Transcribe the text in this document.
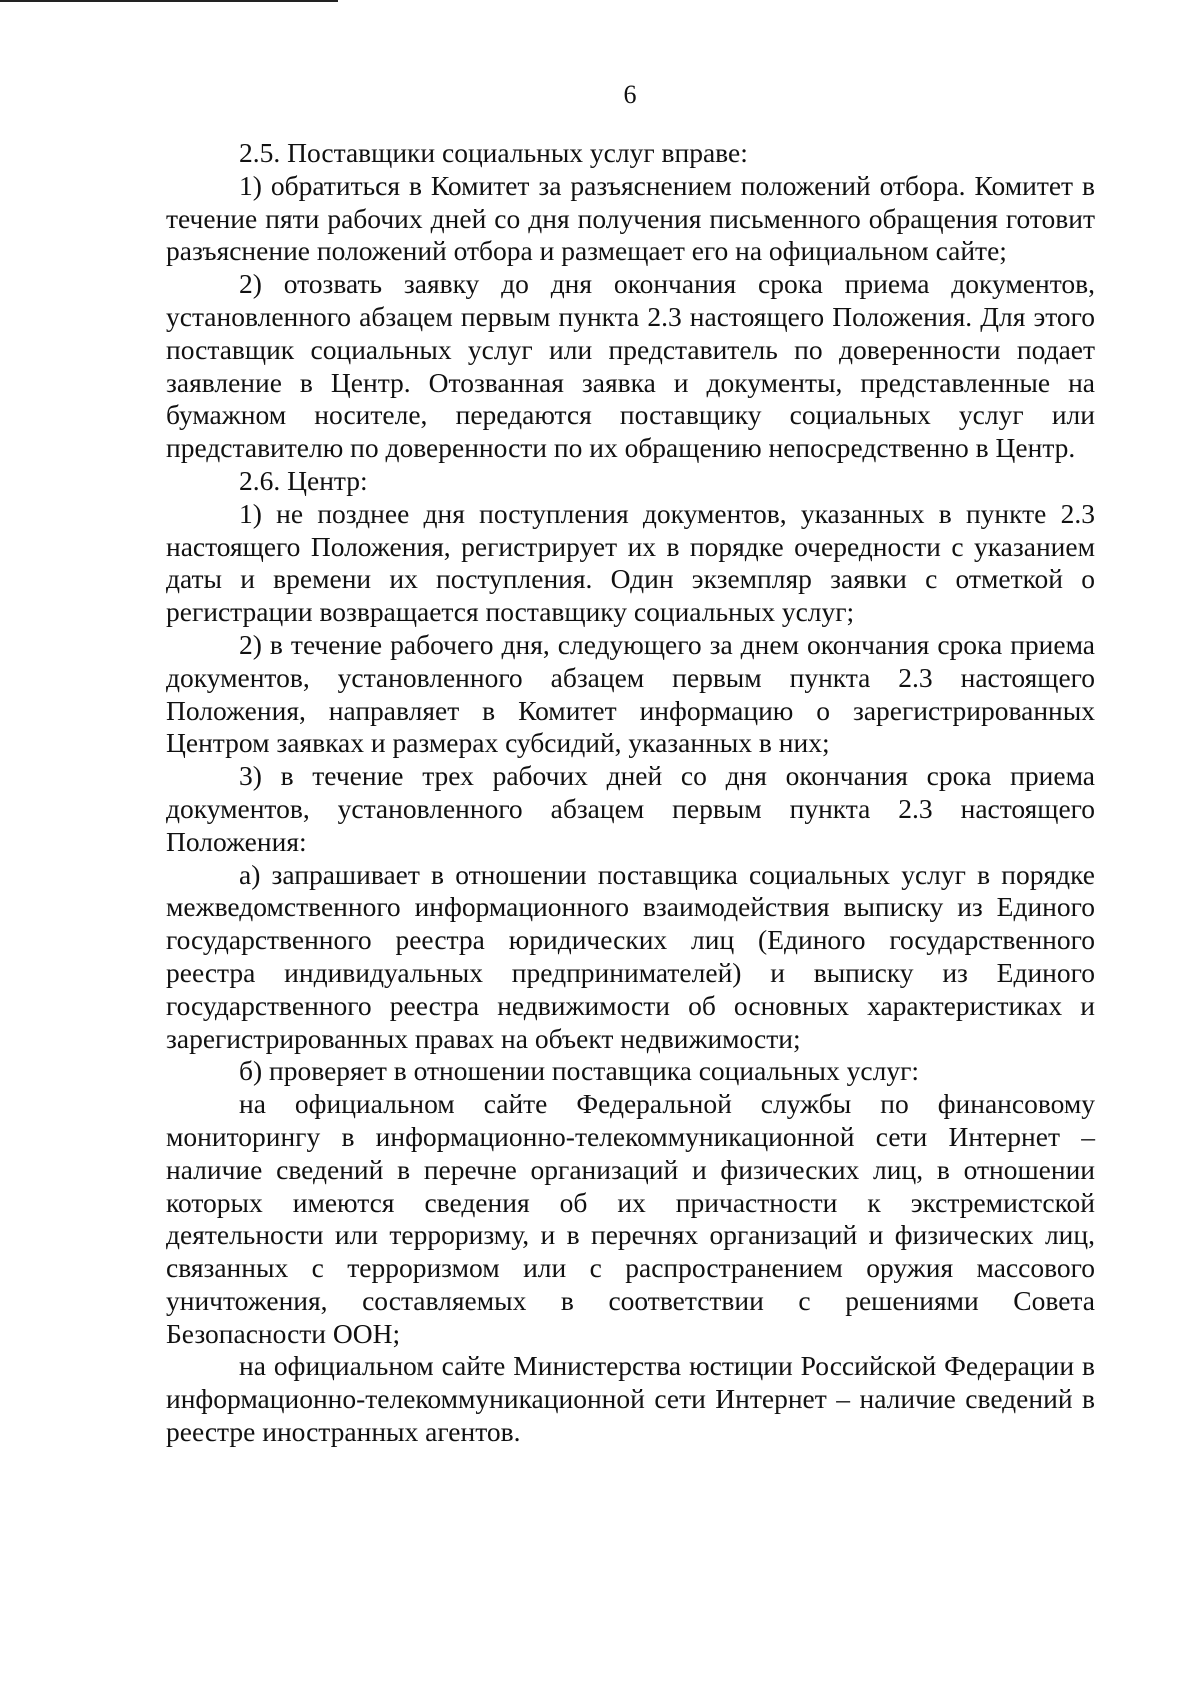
6

2.5. Поставщики социальных услуг вправе:

1) обратиться в Комитет за разъяснением положений отбора. Комитет в течение пяти рабочих дней со дня получения письменного обращения готовит разъяснение положений отбора и размещает его на официальном сайте;

2) отозвать заявку до дня окончания срока приема документов, установленного абзацем первым пункта 2.3 настоящего Положения. Для этого поставщик социальных услуг или представитель по доверенности подает заявление в Центр. Отозванная заявка и документы, представленные на бумажном носителе, передаются поставщику социальных услуг или представителю по доверенности по их обращению непосредственно в Центр.

2.6. Центр:

1) не позднее дня поступления документов, указанных в пункте 2.3 настоящего Положения, регистрирует их в порядке очередности с указанием даты и времени их поступления. Один экземпляр заявки с отметкой о регистрации возвращается поставщику социальных услуг;

2) в течение рабочего дня, следующего за днем окончания срока приема документов, установленного абзацем первым пункта 2.3 настоящего Положения, направляет в Комитет информацию о зарегистрированных Центром заявках и размерах субсидий, указанных в них;

3) в течение трех рабочих дней со дня окончания срока приема документов, установленного абзацем первым пункта 2.3 настоящего Положения:

а) запрашивает в отношении поставщика социальных услуг в порядке межведомственного информационного взаимодействия выписку из Единого государственного реестра юридических лиц (Единого государственного реестра индивидуальных предпринимателей) и выписку из Единого государственного реестра недвижимости об основных характеристиках и зарегистрированных правах на объект недвижимости;

б) проверяет в отношении поставщика социальных услуг:

на официальном сайте Федеральной службы по финансовому мониторингу в информационно-телекоммуникационной сети Интернет – наличие сведений в перечне организаций и физических лиц, в отношении которых имеются сведения об их причастности к экстремистской деятельности или терроризму, и в перечнях организаций и физических лиц, связанных с терроризмом или с распространением оружия массового уничтожения, составляемых в соответствии с решениями Совета Безопасности ООН;

на официальном сайте Министерства юстиции Российской Федерации в информационно-телекоммуникационной сети Интернет – наличие сведений в реестре иностранных агентов.
